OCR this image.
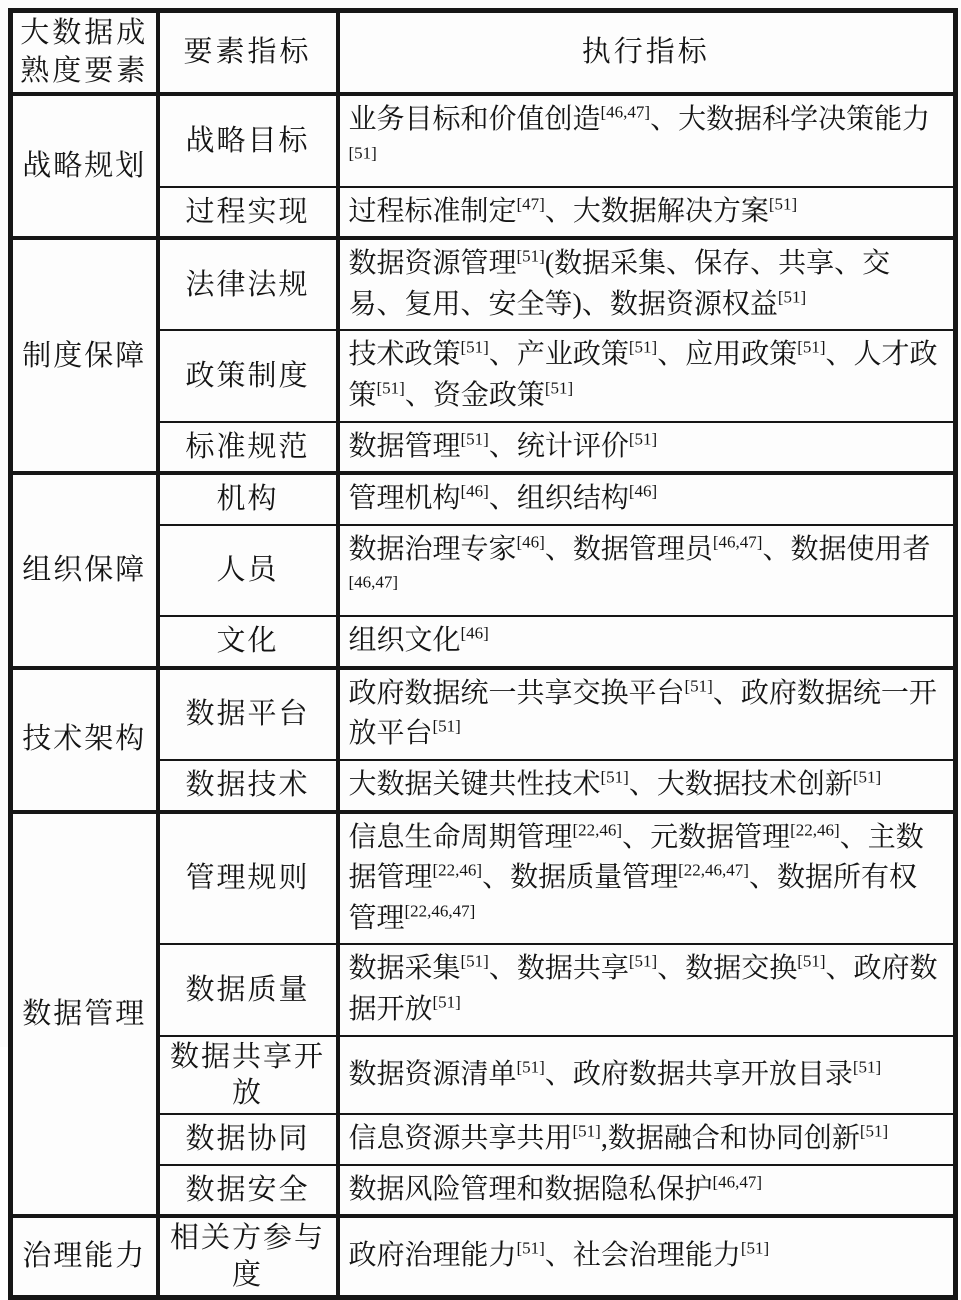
大数据成熟度要素	要素指标	执行指标
战略规划	战略目标	业务目标和价值创造[46,47]、大数据科学决策能力[51]
	过程实现	过程标准制定[47]、大数据解决方案[51]
制度保障	法律法规	数据资源管理[51](数据采集、保存、共享、交易、复用、安全等)、数据资源权益[51]
	政策制度	技术政策[51]、产业政策[51]、应用政策[51]、人才政策[51]、资金政策[51]
	标准规范	数据管理[51]、统计评价[51]
组织保障	机构	管理机构[46]、组织结构[46]
	人员	数据治理专家[46]、数据管理员[46,47]、数据使用者[46,47]
	文化	组织文化[46]
技术架构	数据平台	政府数据统一共享交换平台[51]、政府数据统一开放平台[51]
	数据技术	大数据关键共性技术[51]、大数据技术创新[51]
数据管理	管理规则	信息生命周期管理[22,46]、元数据管理[22,46]、主数据管理[22,46]、数据质量管理[22,46,47]、数据所有权管理[22,46,47]
	数据质量	数据采集[51]、数据共享[51]、数据交换[51]、政府数据开放[51]
	数据共享开放	数据资源清单[51]、政府数据共享开放目录[51]
	数据协同	信息资源共享共用[51],数据融合和协同创新[51]
	数据安全	数据风险管理和数据隐私保护[46,47]
治理能力	相关方参与度	政府治理能力[51]、社会治理能力[51]
